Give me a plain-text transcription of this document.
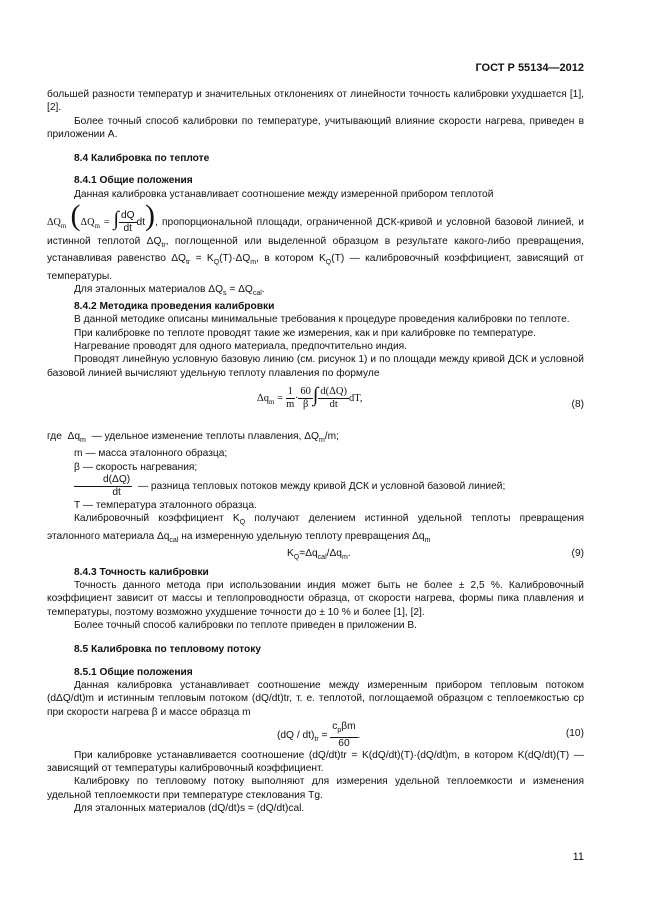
ГОСТ Р 55134—2012

большей разности температур и значительных отклонениях от линейности точность калибровки ухудшается [1], [2].

Более точный способ калибровки по температуре, учитывающий влияние скорости нагрева, приведен в приложении А.

8.4 Калибровка по теплоте

8.4.1 Общие положения

Данная калибровка устанавливает соотношение между измеренной прибором теплотой

$\Delta Q_m$ ($\Delta Q_m$ = ∫ $\frac{dQ}{dt} dt$), пропорциональной площади, ограниченной ДСК-кривой и условной базовой линией, и истинной теплотой $\Delta Q_{tr}$, поглощенной или выделенной образцом в результате какого-либо превращения, устанавливая равенство $\Delta Q_{tr} = K_Q(T)\cdot\Delta Q_m$, в котором $K_Q(T)$ — калибровочный коэффициент, зависящий от температуры.

Для эталонных материалов $\Delta Q_s = \Delta Q_{cal}$.

8.4.2 Методика проведения калибровки

В данной методике описаны минимальные требования к процедуре проведения калибровки по теплоте.

При калибровке по теплоте проводят такие же измерения, как и при калибровке по температуре.

Нагревание проводят для одного материала, предпочтительно индия.

Проводят линейную условную базовую линию (см. рисунок 1) и по площади между кривой ДСК и условной базовой линией вычисляют удельную теплоту плавления по формуле

$\Delta q_m = \frac{1}{m} \cdot \frac{60}{\beta}$ ∫ $\frac{d(\Delta Q)}{dt}$ dT,
(8)

где  $\Delta q_m$ — удельное изменение теплоты плавления, $\Delta Q_m/m$;

m — масса эталонного образца;

β — скорость нагревания;

$\frac{d(\Delta Q)}{dt}$ — разница тепловых потоков между кривой ДСК и условной базовой линией;

T — температура эталонного образца.

Калибровочный коэффициент $K_Q$ получают делением истинной удельной теплоты превращения эталонного материала $\Delta q_{cal}$ на измеренную удельную теплоту превращения $\Delta q_m$

$K_Q=\Delta q_{cal}/\Delta q_m$.	(9)

8.4.3 Точность калибровки

Точность данного метода при использовании индия может быть не более ± 2,5 %. Калибровочный коэффициент зависит от массы и теплопроводности образца, от скорости нагрева, формы пика плавления и температуры, поэтому возможно ухудшение точности до ± 10 % и более [1], [2].

Более точный способ калибровки по теплоте приведен в приложении В.

8.5 Калибровка по тепловому потоку

8.5.1 Общие положения

Данная калибровка устанавливает соотношение между измеренным прибором тепловым потоком (dΔQ/dt)m и истинным тепловым потоком (dQ/dt)tr, т. е. теплотой, поглощаемой образцом с теплоемкостью cp при скорости нагрева β и массе образца m

$(dQ / dt)_{tr} = \frac{c_p\beta m}{60}$ .	(10)

При калибровке устанавливается соотношение (dQ/dt)tr = K(dQ/dt)(T)·(dQ/dt)m, в котором K(dQ/dt)(T) — зависящий от температуры калибровочный коэффициент.

Калибровку по тепловому потоку выполняют для измерения удельной теплоемкости и изменения удельной теплоемкости при температуре стеклования Tg.

Для эталонных материалов (dQ/dt)s = (dQ/dt)cal.

11
